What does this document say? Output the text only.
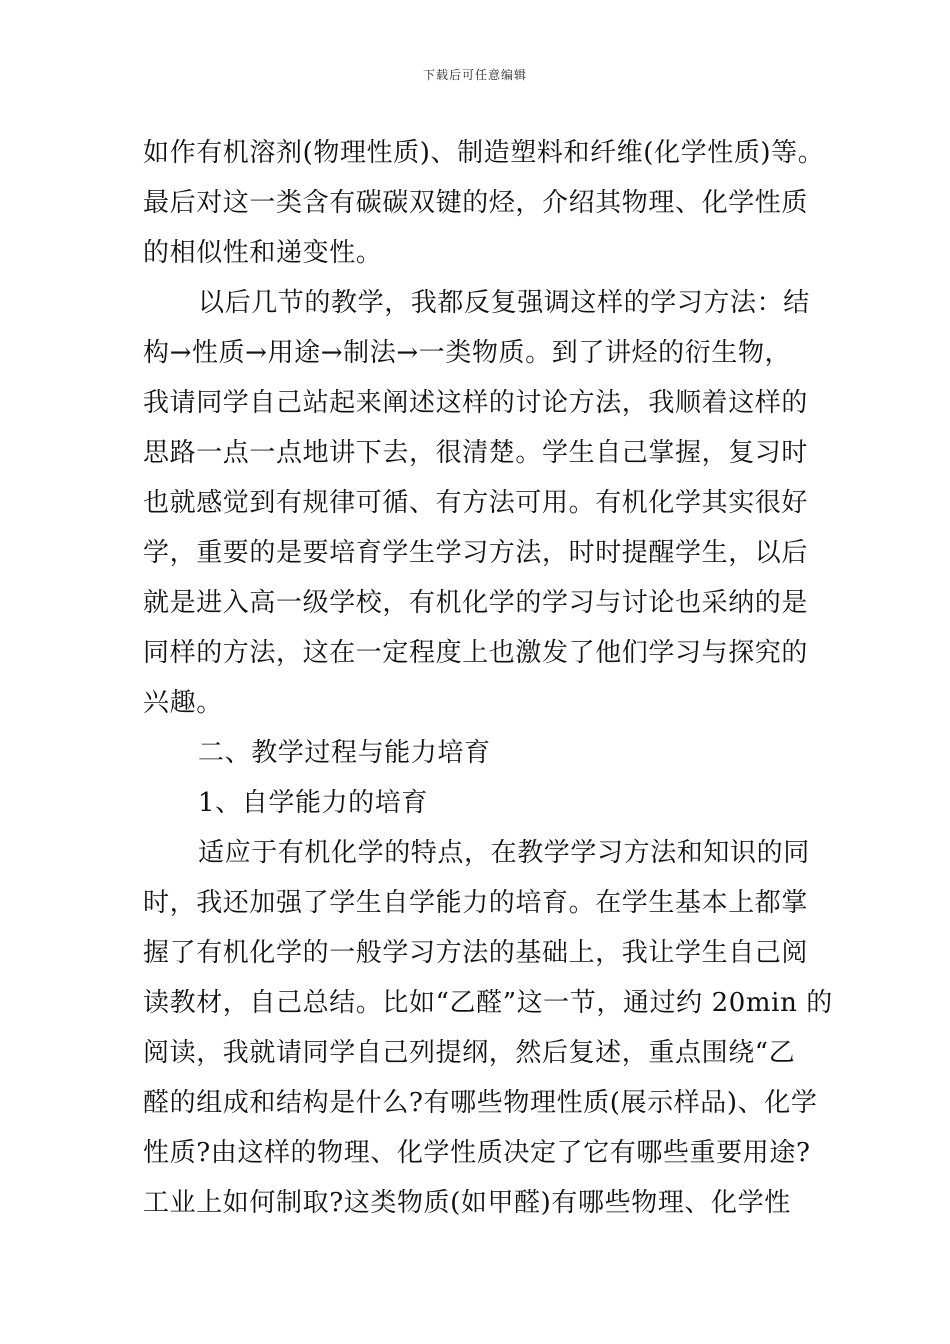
下载后可任意编辑
如作有机溶剂(物理性质)、制造塑料和纤维(化学性质)等。
最后对这一类含有碳碳双键的烃，介绍其物理、化学性质
的相似性和递变性。
以后几节的教学，我都反复强调这样的学习方法：结
构→性质→用途→制法→一类物质。到了讲烃的衍生物，
我请同学自己站起来阐述这样的讨论方法，我顺着这样的
思路一点一点地讲下去，很清楚。学生自己掌握，复习时
也就感觉到有规律可循、有方法可用。有机化学其实很好
学，重要的是要培育学生学习方法，时时提醒学生，以后
就是进入高一级学校，有机化学的学习与讨论也采纳的是
同样的方法，这在一定程度上也激发了他们学习与探究的
兴趣。
二、教学过程与能力培育
1、自学能力的培育
适应于有机化学的特点，在教学学习方法和知识的同
时，我还加强了学生自学能力的培育。在学生基本上都掌
握了有机化学的一般学习方法的基础上，我让学生自己阅
读教材，自己总结。比如“乙醛”这一节，通过约 20min 的
阅读，我就请同学自己列提纲，然后复述，重点围绕“乙
醛的组成和结构是什么?有哪些物理性质(展示样品)、化学
性质?由这样的物理、化学性质决定了它有哪些重要用途?
工业上如何制取?这类物质(如甲醛)有哪些物理、化学性
